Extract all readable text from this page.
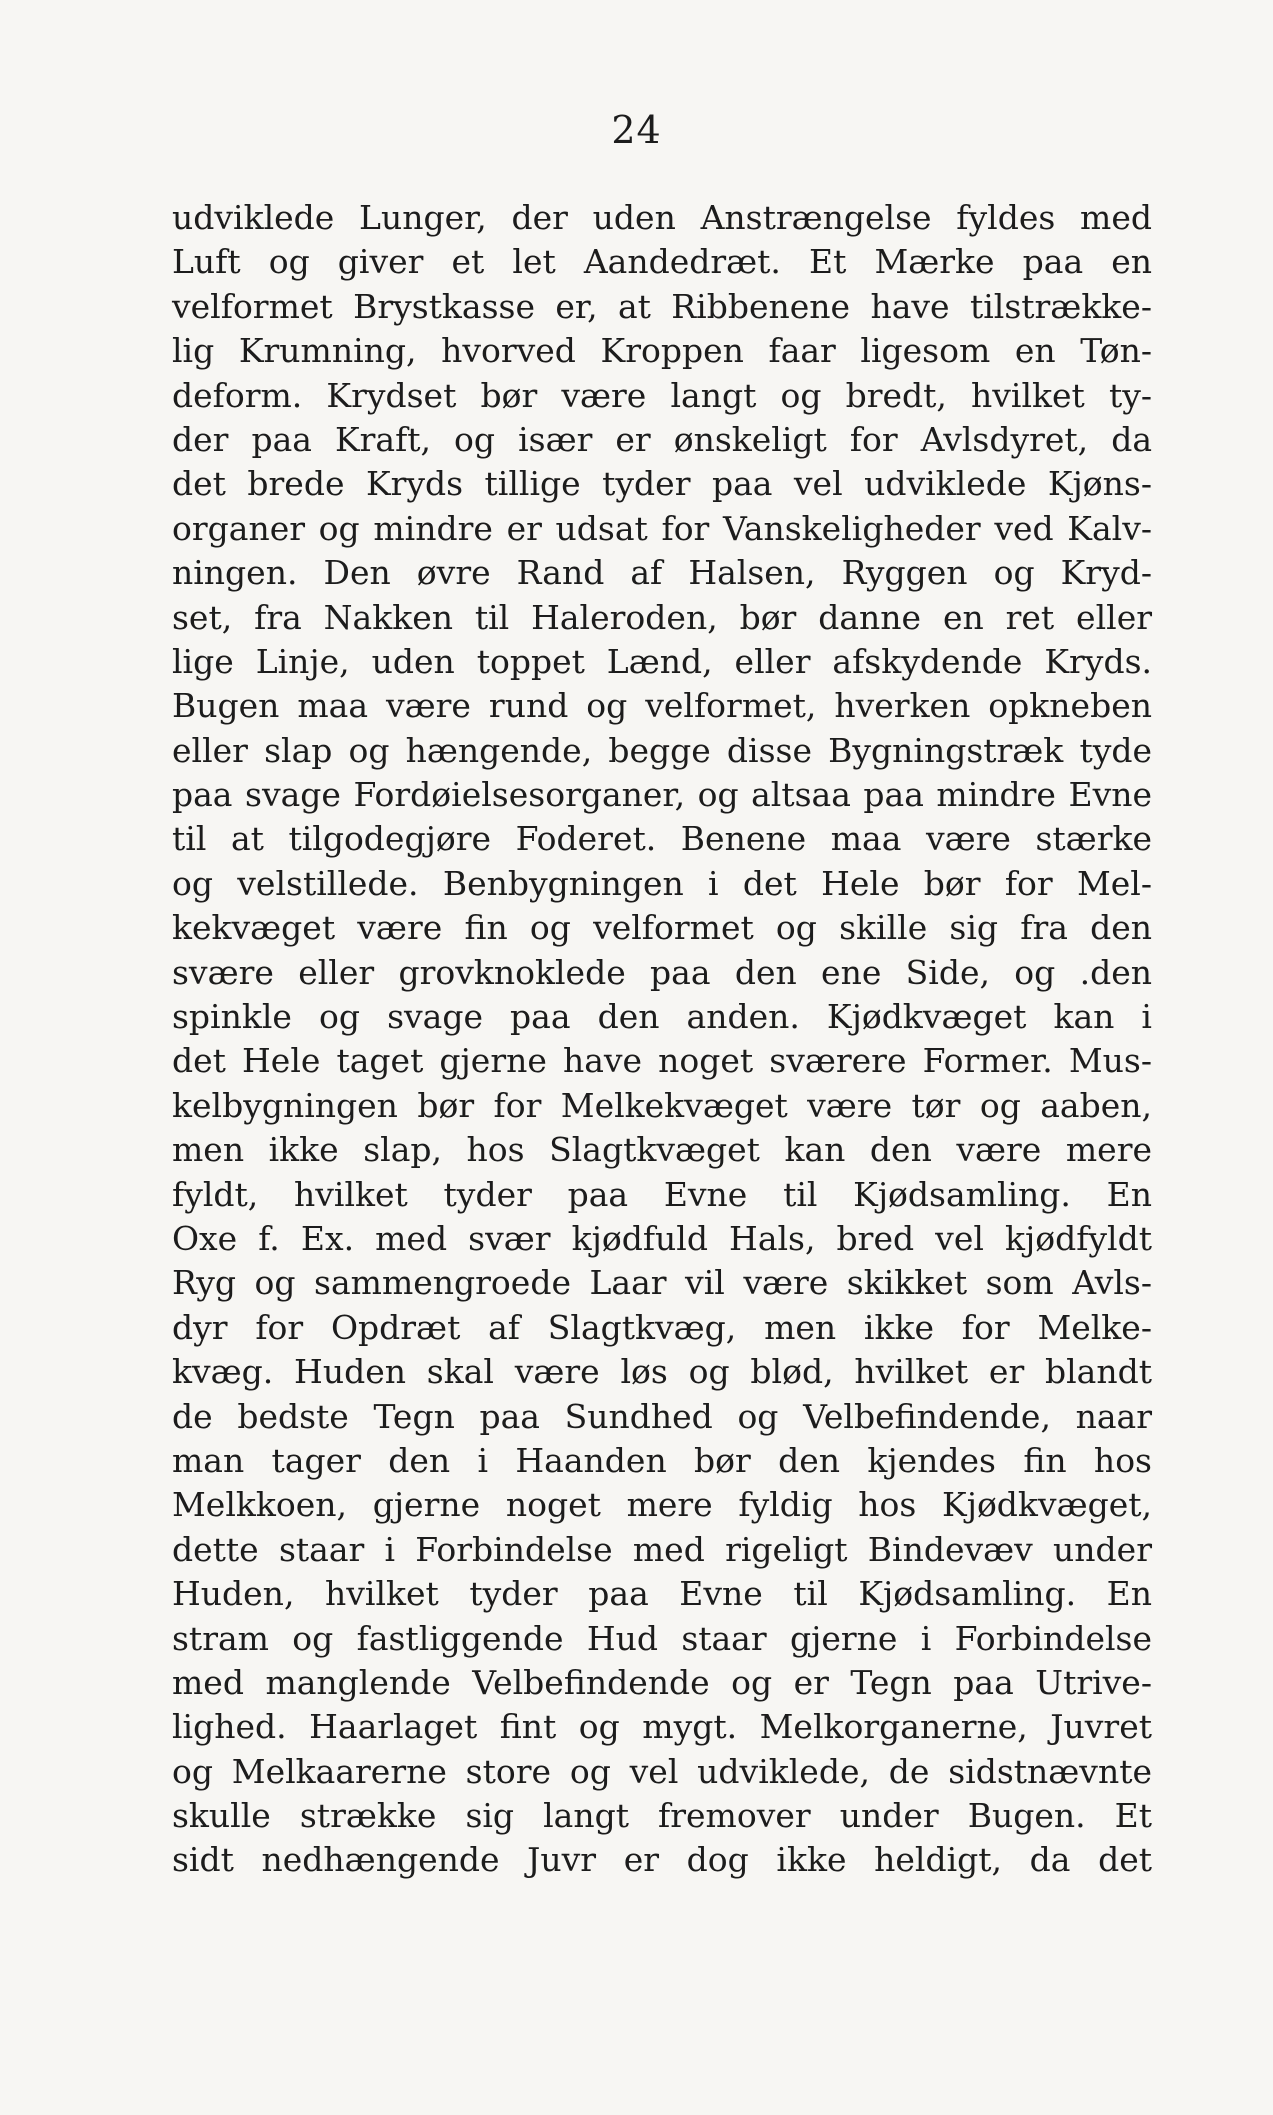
24
udviklede Lunger, der uden Anstrængelse fyldes med
Luft og giver et let Aandedræt. Et Mærke paa en
velformet Brystkasse er, at Ribbenene have tilstrække-
lig Krumning, hvorved Kroppen faar ligesom en Tøn-
deform. Krydset bør være langt og bredt, hvilket ty-
der paa Kraft, og især er ønskeligt for Avlsdyret, da
det brede Kryds tillige tyder paa vel udviklede Kjøns-
organer og mindre er udsat for Vanskeligheder ved Kalv-
ningen. Den øvre Rand af Halsen, Ryggen og Kryd-
set, fra Nakken til Haleroden, bør danne en ret eller
lige Linje, uden toppet Lænd, eller afskydende Kryds.
Bugen maa være rund og velformet, hverken opkneben
eller slap og hængende, begge disse Bygningstræk tyde
paa svage Fordøielsesorganer, og altsaa paa mindre Evne
til at tilgodegjøre Foderet. Benene maa være stærke
og velstillede. Benbygningen i det Hele bør for Mel-
kekvæget være fin og velformet og skille sig fra den
svære eller grovknoklede paa den ene Side, og .den
spinkle og svage paa den anden. Kjødkvæget kan i
det Hele taget gjerne have noget sværere Former. Mus-
kelbygningen bør for Melkekvæget være tør og aaben,
men ikke slap, hos Slagtkvæget kan den være mere
fyldt, hvilket tyder paa Evne til Kjødsamling. En
Oxe f. Ex. med svær kjødfuld Hals, bred vel kjødfyldt
Ryg og sammengroede Laar vil være skikket som Avls-
dyr for Opdræt af Slagtkvæg, men ikke for Melke-
kvæg. Huden skal være løs og blød, hvilket er blandt
de bedste Tegn paa Sundhed og Velbefindende, naar
man tager den i Haanden bør den kjendes fin hos
Melkkoen, gjerne noget mere fyldig hos Kjødkvæget,
dette staar i Forbindelse med rigeligt Bindevæv under
Huden, hvilket tyder paa Evne til Kjødsamling. En
stram og fastliggende Hud staar gjerne i Forbindelse
med manglende Velbefindende og er Tegn paa Utrive-
lighed. Haarlaget fint og mygt. Melkorganerne, Juvret
og Melkaarerne store og vel udviklede, de sidstnævnte
skulle strække sig langt fremover under Bugen. Et
sidt nedhængende Juvr er dog ikke heldigt, da det
